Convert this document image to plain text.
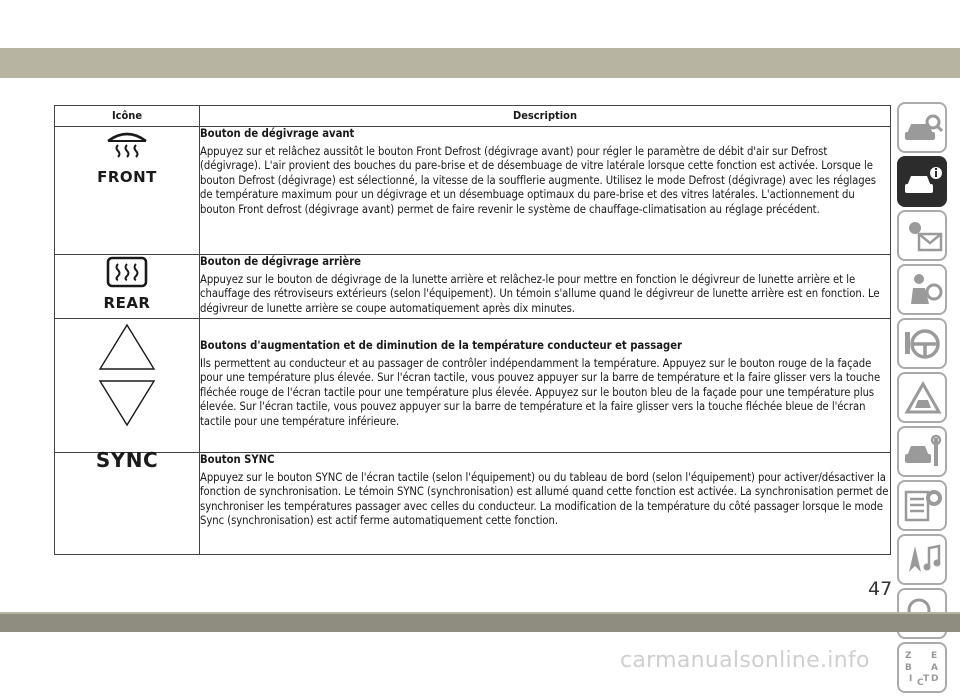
Icône	Description

FRONT	Bouton de dégivrage avant
Appuyez sur et relâchez aussitôt le bouton Front Defrost (dégivrage avant) pour régler le paramètre de débit d'air sur Defrost (dégivrage). L'air provient des bouches du pare-brise et de désembuage de vitre latérale lorsque cette fonction est activée. Lorsque le bouton Defrost (dégivrage) est sélectionné, la vitesse de la soufflerie augmente. Utilisez le mode Defrost (dégivrage) avec les réglages de température maximum pour un dégivrage et un désembuage optimaux du pare-brise et des vitres latérales. L'actionnement du bouton Front defrost (dégivrage avant) permet de faire revenir le système de chauffage-climatisation au réglage précédent.

REAR	Bouton de dégivrage arrière
Appuyez sur le bouton de dégivrage de la lunette arrière et relâchez-le pour mettre en fonction le dégivreur de lunette arrière et le chauffage des rétroviseurs extérieurs (selon l'équipement). Un témoin s'allume quand le dégivreur de lunette arrière est en fonction. Le dégivreur de lunette arrière se coupe automatiquement après dix minutes.

Boutons d'augmentation et de diminution de la température conducteur et passager
Ils permettent au conducteur et au passager de contrôler indépendamment la température. Appuyez sur le bouton rouge de la façade pour une température plus élevée. Sur l'écran tactile, vous pouvez appuyer sur la barre de température et la faire glisser vers la touche fléchée rouge de l'écran tactile pour une température plus élevée. Appuyez sur le bouton bleu de la façade pour une température plus élevée. Sur l'écran tactile, vous pouvez appuyer sur la barre de température et la faire glisser vers la touche fléchée bleue de l'écran tactile pour une température inférieure.

SYNC	Bouton SYNC
Appuyez sur le bouton SYNC de l'écran tactile (selon l'équipement) ou du tableau de bord (selon l'équipement) pour activer/désactiver la fonction de synchronisation. Le témoin SYNC (synchronisation) est allumé quand cette fonction est activée. La synchronisation permet de synchroniser les températures passager avec celles du conducteur. La modification de la température du côté passager lorsque le mode Sync (synchronisation) est actif ferme automatiquement cette fonction.
Z E
B A
I C T D
47
carmanualsonline.info
